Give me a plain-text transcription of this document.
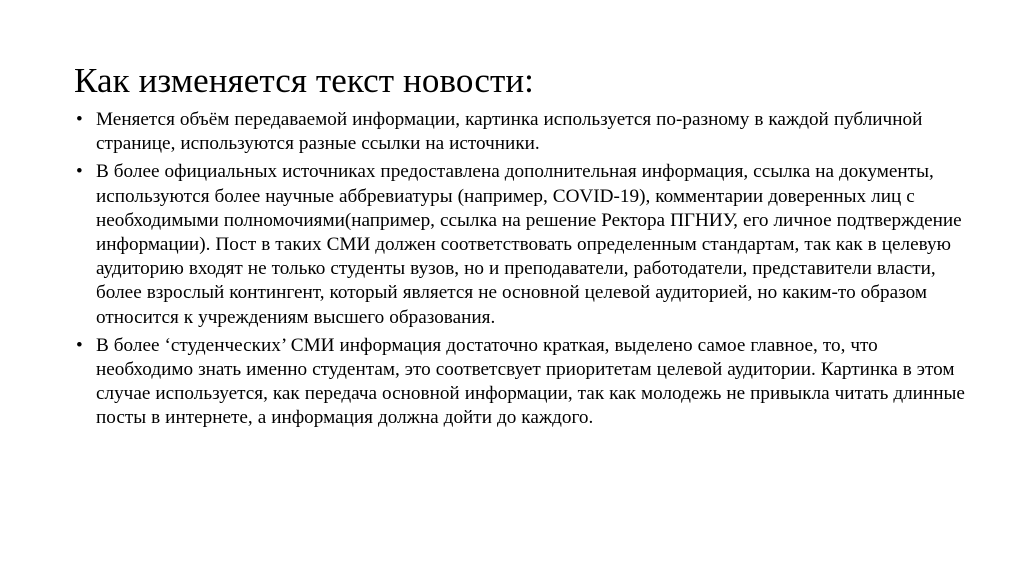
Как изменяется текст новости:
• Меняется объём передаваемой информации, картинка используется по-разному в каждой публичной странице, используются разные ссылки на источники.
• В более официальных источниках предоставлена дополнительная информация, ссылка на документы, используются более научные аббревиатуры (например, COVID-19), комментарии доверенных лиц с необходимыми полномочиями(например, ссылка на решение Ректора ПГНИУ, его личное подтверждение информации). Пост в таких СМИ должен соответствовать определенным стандартам, так как в целевую аудиторию входят не только студенты вузов, но и преподаватели, работодатели, представители власти, более взрослый контингент, который является не основной целевой аудиторией, но каким-то образом относится к учреждениям высшего образования.
• В более ‘студенческих’ СМИ информация достаточно краткая, выделено самое главное, то, что необходимо знать именно студентам, это соответсвует приоритетам целевой аудитории. Картинка в этом случае используется, как передача основной информации, так как молодежь не привыкла читать длинные посты в интернете, а информация должна дойти до каждого.
